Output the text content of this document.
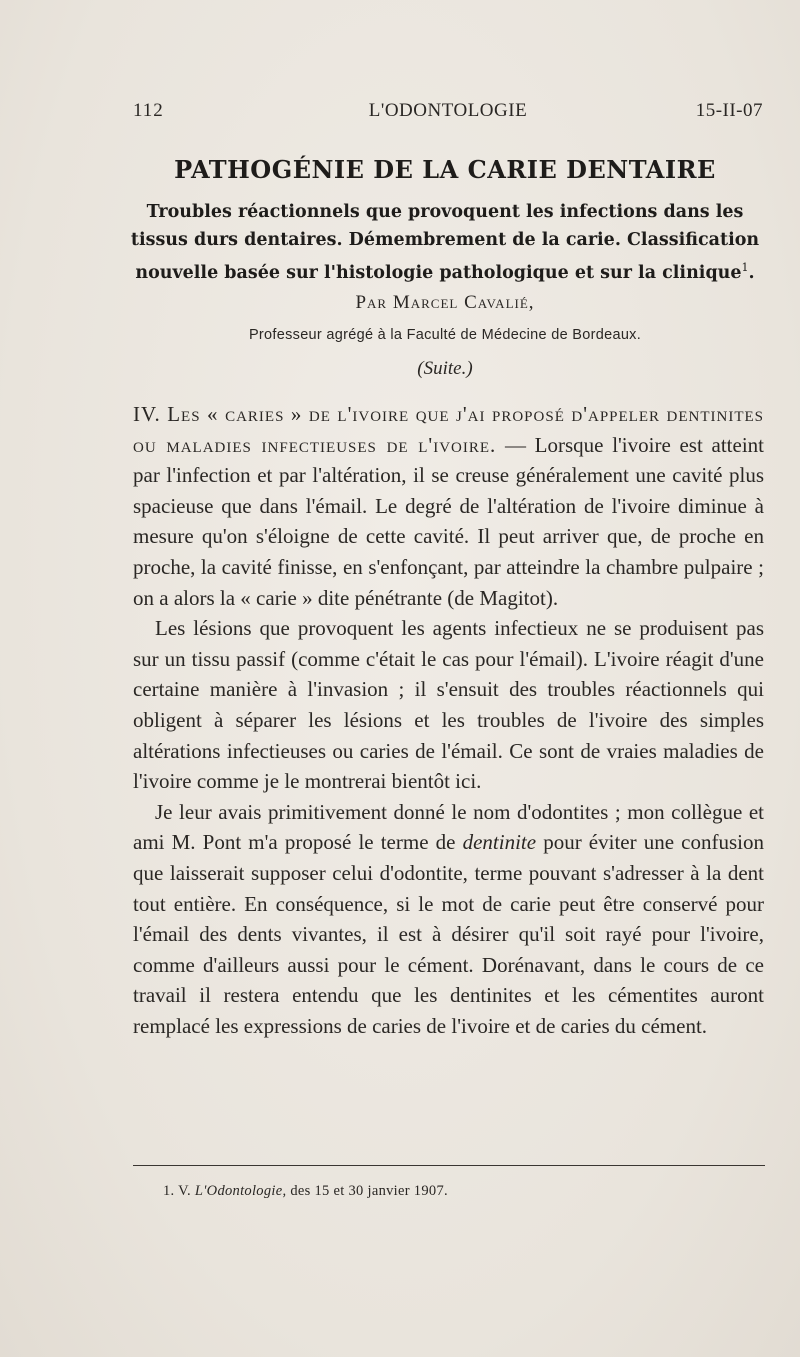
112	L'ODONTOLOGIE	15-II-07
PATHOGÉNIE DE LA CARIE DENTAIRE
Troubles réactionnels que provoquent les infections dans les tissus durs dentaires. Démembrement de la carie. Classification nouvelle basée sur l'histologie pathologique et sur la clinique$^1$.
Par Marcel Cavalié,
Professeur agrégé à la Faculté de Médecine de Bordeaux.
(Suite.)

IV. Les « caries » de l'ivoire que j'ai proposé d'appeler dentinites ou maladies infectieuses de l'ivoire. — Lorsque l'ivoire est atteint par l'infection et par l'altération, il se creuse généralement une cavité plus spacieuse que dans l'émail. Le degré de l'altération de l'ivoire diminue à mesure qu'on s'éloigne de cette cavité. Il peut arriver que, de proche en proche, la cavité finisse, en s'enfonçant, par atteindre la chambre pulpaire ; on a alors la « carie » dite pénétrante (de Magitot).

Les lésions que provoquent les agents infectieux ne se produisent pas sur un tissu passif (comme c'était le cas pour l'émail). L'ivoire réagit d'une certaine manière à l'invasion ; il s'ensuit des troubles réactionnels qui obligent à séparer les lésions et les troubles de l'ivoire des simples altérations infectieuses ou caries de l'émail. Ce sont de vraies maladies de l'ivoire comme je le montrerai bientôt ici.

Je leur avais primitivement donné le nom d'odontites ; mon collègue et ami M. Pont m'a proposé le terme de dentinite pour éviter une confusion que laisserait supposer celui d'odontite, terme pouvant s'adresser à la dent tout entière. En conséquence, si le mot de carie peut être conservé pour l'émail des dents vivantes, il est à désirer qu'il soit rayé pour l'ivoire, comme d'ailleurs aussi pour le cément. Dorénavant, dans le cours de ce travail il restera entendu que les dentinites et les cémentites auront remplacé les expressions de caries de l'ivoire et de caries du cément.

1. V. L'Odontologie, des 15 et 30 janvier 1907.
